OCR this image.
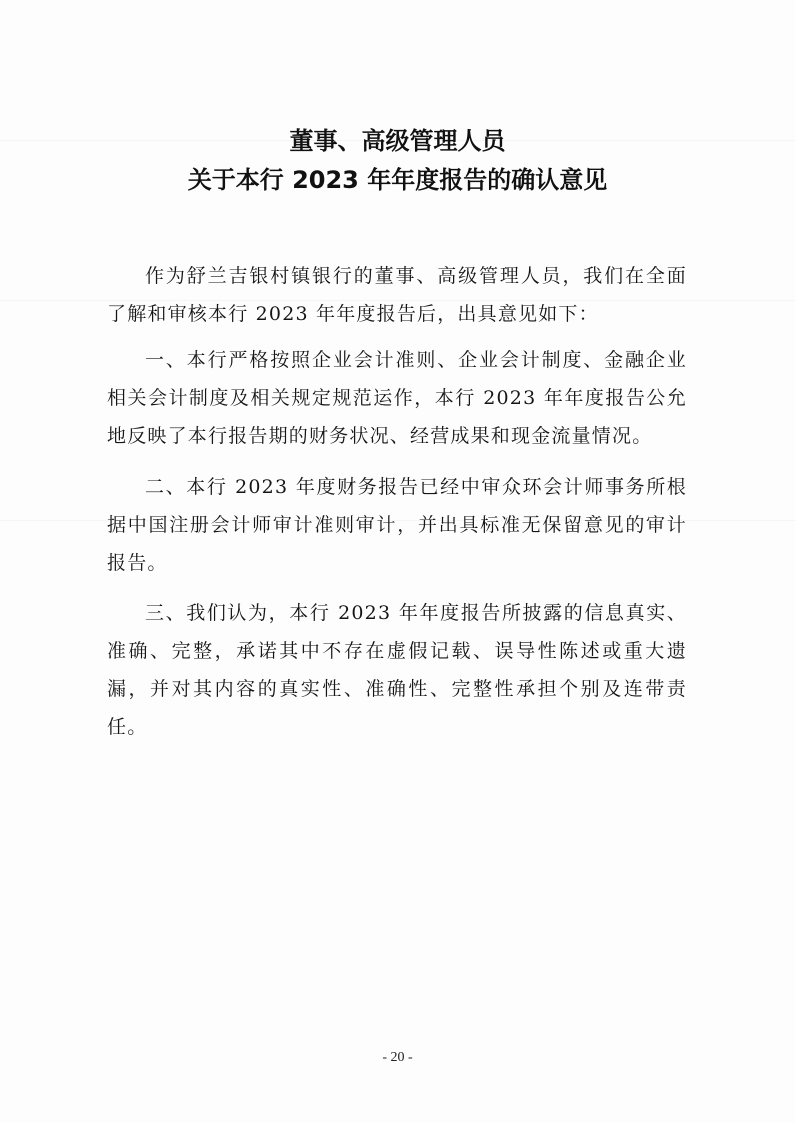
董事、高级管理人员
关于本行 2023 年年度报告的确认意见

作为舒兰吉银村镇银行的董事、高级管理人员，我们在全面了解和审核本行 2023 年年度报告后，出具意见如下：

一、本行严格按照企业会计准则、企业会计制度、金融企业相关会计制度及相关规定规范运作，本行 2023 年年度报告公允地反映了本行报告期的财务状况、经营成果和现金流量情况。

二、本行 2023 年度财务报告已经中审众环会计师事务所根据中国注册会计师审计准则审计，并出具标准无保留意见的审计报告。

三、我们认为，本行 2023 年年度报告所披露的信息真实、准确、完整，承诺其中不存在虚假记载、误导性陈述或重大遗漏，并对其内容的真实性、准确性、完整性承担个别及连带责任。

- 20 -
